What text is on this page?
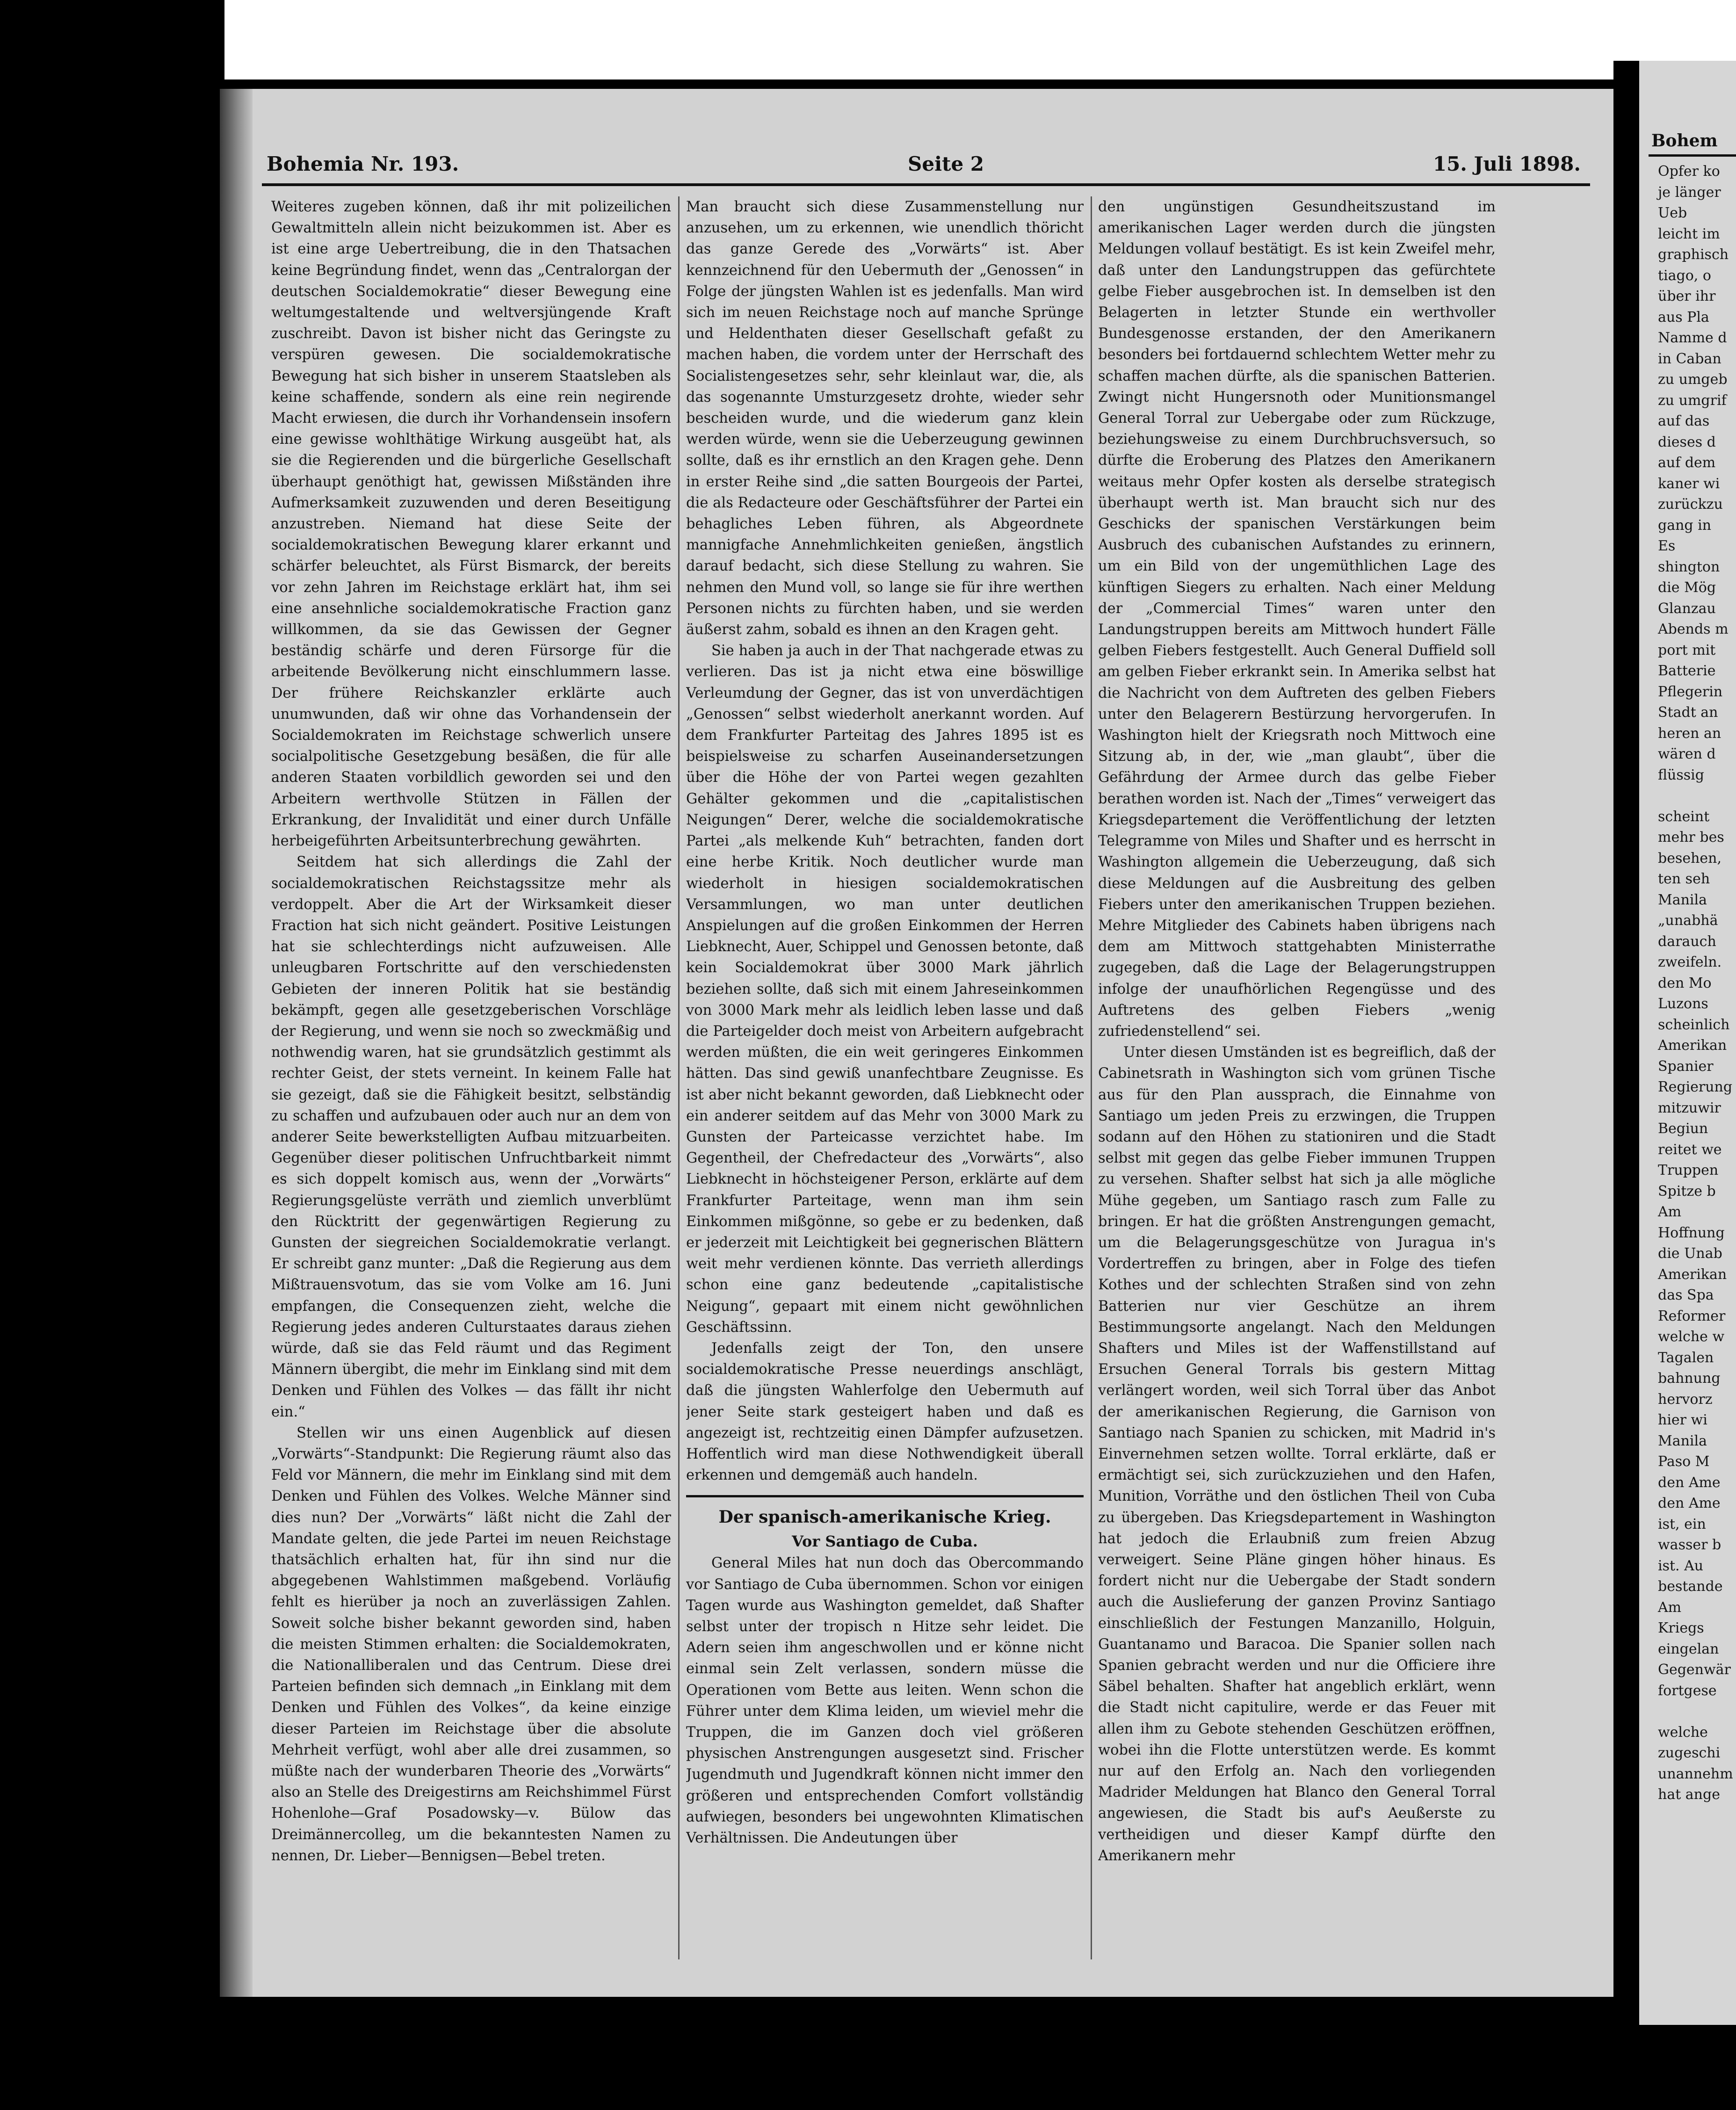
Bohemia Nr. 193.	Seite 2	15. Juli 1898.

Weiteres zugeben können, daß ihr mit polizeilichen Gewaltmitteln allein nicht beizukommen ist. Aber es ist eine arge Uebertreibung, die in den Thatsachen keine Begründung findet, wenn das „Centralorgan der deutschen Socialdemokratie“ dieser Bewegung eine weltumgestaltende und weltversjüngende Kraft zuschreibt. Davon ist bisher nicht das Geringste zu verspüren gewesen. Die socialdemokratische Bewegung hat sich bisher in unserem Staatsleben als keine schaffende, sondern als eine rein negirende Macht erwiesen, die durch ihr Vorhandensein insofern eine gewisse wohlthätige Wirkung ausgeübt hat, als sie die Regierenden und die bürgerliche Gesellschaft überhaupt genöthigt hat, gewissen Mißständen ihre Aufmerksamkeit zuzuwenden und deren Beseitigung anzustreben. Niemand hat diese Seite der socialdemokratischen Bewegung klarer erkannt und schärfer beleuchtet, als Fürst Bismarck, der bereits vor zehn Jahren im Reichstage erklärt hat, ihm sei eine ansehnliche socialdemokratische Fraction ganz willkommen, da sie das Gewissen der Gegner beständig schärfe und deren Fürsorge für die arbeitende Bevölkerung nicht einschlummern lasse. Der frühere Reichskanzler erklärte auch unumwunden, daß wir ohne das Vorhandensein der Socialdemokraten im Reichstage schwerlich unsere socialpolitische Gesetzgebung besäßen, die für alle anderen Staaten vorbildlich geworden sei und den Arbeitern werthvolle Stützen in Fällen der Erkrankung, der Invalidität und einer durch Unfälle herbeigeführten Arbeitsunterbrechung gewährten.

Seitdem hat sich allerdings die Zahl der socialdemokratischen Reichstagssitze mehr als verdoppelt. Aber die Art der Wirksamkeit dieser Fraction hat sich nicht geändert. Positive Leistungen hat sie schlechterdings nicht aufzuweisen. Alle unleugbaren Fortschritte auf den verschiedensten Gebieten der inneren Politik hat sie beständig bekämpft, gegen alle gesetzgeberischen Vorschläge der Regierung, und wenn sie noch so zweckmäßig und nothwendig waren, hat sie grundsätzlich gestimmt als rechter Geist, der stets verneint. In keinem Falle hat sie gezeigt, daß sie die Fähigkeit besitzt, selbständig zu schaffen und aufzubauen oder auch nur an dem von anderer Seite bewerkstelligten Aufbau mitzuarbeiten. Gegenüber dieser politischen Unfruchtbarkeit nimmt es sich doppelt komisch aus, wenn der „Vorwärts“ Regierungsgelüste verräth und ziemlich unverblümt den Rücktritt der gegenwärtigen Regierung zu Gunsten der siegreichen Socialdemokratie verlangt. Er schreibt ganz munter: „Daß die Regierung aus dem Mißtrauensvotum, das sie vom Volke am 16. Juni empfangen, die Consequenzen zieht, welche die Regierung jedes anderen Culturstaates daraus ziehen würde, daß sie das Feld räumt und das Regiment Männern übergibt, die mehr im Einklang sind mit dem Denken und Fühlen des Volkes — das fällt ihr nicht ein.“

Stellen wir uns einen Augenblick auf diesen „Vorwärts“-Standpunkt: Die Regierung räumt also das Feld vor Männern, die mehr im Einklang sind mit dem Denken und Fühlen des Volkes. Welche Männer sind dies nun? Der „Vorwärts“ läßt nicht die Zahl der Mandate gelten, die jede Partei im neuen Reichstage thatsächlich erhalten hat, für ihn sind nur die abgegebenen Wahlstimmen maßgebend. Vorläufig fehlt es hierüber ja noch an zuverlässigen Zahlen. Soweit solche bisher bekannt geworden sind, haben die meisten Stimmen erhalten: die Socialdemokraten, die Nationalliberalen und das Centrum. Diese drei Parteien befinden sich demnach „in Einklang mit dem Denken und Fühlen des Volkes“, da keine einzige dieser Parteien im Reichstage über die absolute Mehrheit verfügt, wohl aber alle drei zusammen, so müßte nach der wunderbaren Theorie des „Vorwärts“ also an Stelle des Dreigestirns am Reichshimmel Fürst Hohenlohe—Graf Posadowsky—v. Bülow das Dreimännercolleg, um die bekanntesten Namen zu nennen, Dr. Lieber—Bennigsen—Bebel treten.

Man braucht sich diese Zusammenstellung nur anzusehen, um zu erkennen, wie unendlich thöricht das ganze Gerede des „Vorwärts“ ist. Aber kennzeichnend für den Uebermuth der „Genossen“ in Folge der jüngsten Wahlen ist es jedenfalls. Man wird sich im neuen Reichstage noch auf manche Sprünge und Heldenthaten dieser Gesellschaft gefaßt zu machen haben, die vordem unter der Herrschaft des Socialistengesetzes sehr, sehr kleinlaut war, die, als das sogenannte Umsturzgesetz drohte, wieder sehr bescheiden wurde, und die wiederum ganz klein werden würde, wenn sie die Ueberzeugung gewinnen sollte, daß es ihr ernstlich an den Kragen gehe. Denn in erster Reihe sind „die satten Bourgeois der Partei, die als Redacteure oder Geschäftsführer der Partei ein behagliches Leben führen, als Abgeordnete mannigfache Annehmlichkeiten genießen, ängstlich darauf bedacht, sich diese Stellung zu wahren. Sie nehmen den Mund voll, so lange sie für ihre werthen Personen nichts zu fürchten haben, und sie werden äußerst zahm, sobald es ihnen an den Kragen geht.

Sie haben ja auch in der That nachgerade etwas zu verlieren. Das ist ja nicht etwa eine böswillige Verleumdung der Gegner, das ist von unverdächtigen „Genossen“ selbst wiederholt anerkannt worden. Auf dem Frankfurter Parteitag des Jahres 1895 ist es beispielsweise zu scharfen Auseinandersetzungen über die Höhe der von Partei wegen gezahlten Gehälter gekommen und die „capitalistischen Neigungen“ Derer, welche die socialdemokratische Partei „als melkende Kuh“ betrachten, fanden dort eine herbe Kritik. Noch deutlicher wurde man wiederholt in hiesigen socialdemokratischen Versammlungen, wo man unter deutlichen Anspielungen auf die großen Einkommen der Herren Liebknecht, Auer, Schippel und Genossen betonte, daß kein Socialdemokrat über 3000 Mark jährlich beziehen sollte, daß sich mit einem Jahreseinkommen von 3000 Mark mehr als leidlich leben lasse und daß die Parteigelder doch meist von Arbeitern aufgebracht werden müßten, die ein weit geringeres Einkommen hätten. Das sind gewiß unanfechtbare Zeugnisse. Es ist aber nicht bekannt geworden, daß Liebknecht oder ein anderer seitdem auf das Mehr von 3000 Mark zu Gunsten der Parteicasse verzichtet habe. Im Gegentheil, der Chefredacteur des „Vorwärts“, also Liebknecht in höchsteigener Person, erklärte auf dem Frankfurter Parteitage, wenn man ihm sein Einkommen mißgönne, so gebe er zu bedenken, daß er jederzeit mit Leichtigkeit bei gegnerischen Blättern weit mehr verdienen könnte. Das verrieth allerdings schon eine ganz bedeutende „capitalistische Neigung“, gepaart mit einem nicht gewöhnlichen Geschäftssinn.

Jedenfalls zeigt der Ton, den unsere socialdemokratische Presse neuerdings anschlägt, daß die jüngsten Wahlerfolge den Uebermuth auf jener Seite stark gesteigert haben und daß es angezeigt ist, rechtzeitig einen Dämpfer aufzusetzen. Hoffentlich wird man diese Nothwendigkeit überall erkennen und demgemäß auch handeln.

Der spanisch-amerikanische Krieg.

Vor Santiago de Cuba.

General Miles hat nun doch das Obercommando vor Santiago de Cuba übernommen. Schon vor einigen Tagen wurde aus Washington gemeldet, daß Shafter selbst unter der tropisch n Hitze sehr leidet. Die Adern seien ihm angeschwollen und er könne nicht einmal sein Zelt verlassen, sondern müsse die Operationen vom Bette aus leiten. Wenn schon die Führer unter dem Klima leiden, um wieviel mehr die Truppen, die im Ganzen doch viel größeren physischen Anstrengungen ausgesetzt sind. Frischer Jugendmuth und Jugendkraft können nicht immer den größeren und entsprechenden Comfort vollständig aufwiegen, besonders bei ungewohnten Klimatischen Verhältnissen. Die Andeutungen über

den ungünstigen Gesundheitszustand im amerikanischen Lager werden durch die jüngsten Meldungen vollauf bestätigt. Es ist kein Zweifel mehr, daß unter den Landungstruppen das gefürchtete gelbe Fieber ausgebrochen ist. In demselben ist den Belagerten in letzter Stunde ein werthvoller Bundesgenosse erstanden, der den Amerikanern besonders bei fortdauernd schlechtem Wetter mehr zu schaffen machen dürfte, als die spanischen Batterien. Zwingt nicht Hungersnoth oder Munitionsmangel General Torral zur Uebergabe oder zum Rückzuge, beziehungsweise zu einem Durchbruchsversuch, so dürfte die Eroberung des Platzes den Amerikanern weitaus mehr Opfer kosten als derselbe strategisch überhaupt werth ist. Man braucht sich nur des Geschicks der spanischen Verstärkungen beim Ausbruch des cubanischen Aufstandes zu erinnern, um ein Bild von der ungemüthlichen Lage des künftigen Siegers zu erhalten. Nach einer Meldung der „Commercial Times“ waren unter den Landungstruppen bereits am Mittwoch hundert Fälle gelben Fiebers festgestellt. Auch General Duffield soll am gelben Fieber erkrankt sein. In Amerika selbst hat die Nachricht von dem Auftreten des gelben Fiebers unter den Belagerern Bestürzung hervorgerufen. In Washington hielt der Kriegsrath noch Mittwoch eine Sitzung ab, in der, wie „man glaubt“, über die Gefährdung der Armee durch das gelbe Fieber berathen worden ist. Nach der „Times“ verweigert das Kriegsdepartement die Veröffentlichung der letzten Telegramme von Miles und Shafter und es herrscht in Washington allgemein die Ueberzeugung, daß sich diese Meldungen auf die Ausbreitung des gelben Fiebers unter den amerikanischen Truppen beziehen. Mehre Mitglieder des Cabinets haben übrigens nach dem am Mittwoch stattgehabten Ministerrathe zugegeben, daß die Lage der Belagerungstruppen infolge der unaufhörlichen Regengüsse und des Auftretens des gelben Fiebers „wenig zufriedenstellend“ sei.

Unter diesen Umständen ist es begreiflich, daß der Cabinetsrath in Washington sich vom grünen Tische aus für den Plan aussprach, die Einnahme von Santiago um jeden Preis zu erzwingen, die Truppen sodann auf den Höhen zu stationiren und die Stadt selbst mit gegen das gelbe Fieber immunen Truppen zu versehen. Shafter selbst hat sich ja alle mögliche Mühe gegeben, um Santiago rasch zum Falle zu bringen. Er hat die größten Anstrengungen gemacht, um die Belagerungsgeschütze von Juragua in's Vordertreffen zu bringen, aber in Folge des tiefen Kothes und der schlechten Straßen sind von zehn Batterien nur vier Geschütze an ihrem Bestimmungsorte angelangt. Nach den Meldungen Shafters und Miles ist der Waffenstillstand auf Ersuchen General Torrals bis gestern Mittag verlängert worden, weil sich Torral über das Anbot der amerikanischen Regierung, die Garnison von Santiago nach Spanien zu schicken, mit Madrid in's Einvernehmen setzen wollte. Torral erklärte, daß er ermächtigt sei, sich zurückzuziehen und den Hafen, Munition, Vorräthe und den östlichen Theil von Cuba zu übergeben. Das Kriegsdepartement in Washington hat jedoch die Erlaubniß zum freien Abzug verweigert. Seine Pläne gingen höher hinaus. Es fordert nicht nur die Uebergabe der Stadt sondern auch die Auslieferung der ganzen Provinz Santiago einschließlich der Festungen Manzanillo, Holguin, Guantanamo und Baracoa. Die Spanier sollen nach Spanien gebracht werden und nur die Officiere ihre Säbel behalten. Shafter hat angeblich erklärt, wenn die Stadt nicht capitulire, werde er das Feuer mit allen ihm zu Gebote stehenden Geschützen eröffnen, wobei ihn die Flotte unterstützen werde. Es kommt nur auf den Erfolg an. Nach den vorliegenden Madrider Meldungen hat Blanco den General Torral angewiesen, die Stadt bis auf's Aeußerste zu vertheidigen und dieser Kampf dürfte den Amerikanern mehr

Bohem
Opfer ko
je länger
Ueb
leicht im
graphisch
tiago, o
über ihr
aus Pla
Namme d
in Caban
zu umgeb
zu umgrif
auf das
dieses d
auf dem
kaner wi
zurückzu
gang in
Es
shington
die Mög
Glanzau
Abends m
port mit
Batterie
Pflegerin
Stadt an
heren an
wären d
flüssig

scheint
mehr bes
besehen,
ten seh
Manila
„unabhä
darauch
zweifeln.
den Mo
Luzons
scheinlich
Amerikan
Spanier
Regierung
mitzuwir
Begiun
reitet we
Truppen
Spitze b
Am
Hoffnung
die Unab
Amerikan
das Spa
Reformer
welche w
Tagalen
bahnung
hervorz
hier wi
Manila
Paso M
den Ame
den Ame
ist, ein
wasser b
ist. Au
bestande
Am
Kriegs
eingelan
Gegenwär
fortgese

welche
zugeschi
unannehm
hat ange
